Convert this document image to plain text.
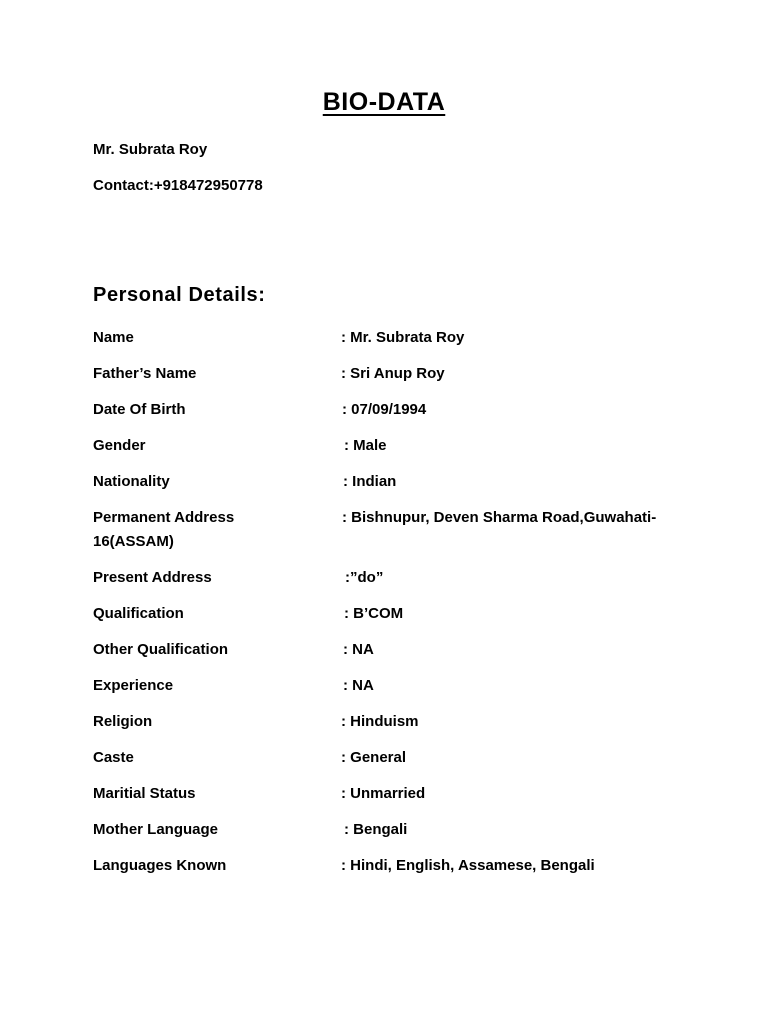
BIO-DATA
Mr. Subrata Roy
Contact:+918472950778
Personal Details:
Name	: Mr. Subrata Roy
Father’s Name	: Sri Anup Roy
Date Of Birth	: 07/09/1994
Gender	: Male
Nationality	: Indian
Permanent Address	: Bishnupur, Deven Sharma Road,Guwahati-
16(ASSAM)
Present Address	:”do”
Qualification	: B’COM
Other Qualification	: NA
Experience	: NA
Religion	: Hinduism
Caste	: General
Maritial Status	: Unmarried
Mother Language	: Bengali
Languages Known	: Hindi, English, Assamese, Bengali
